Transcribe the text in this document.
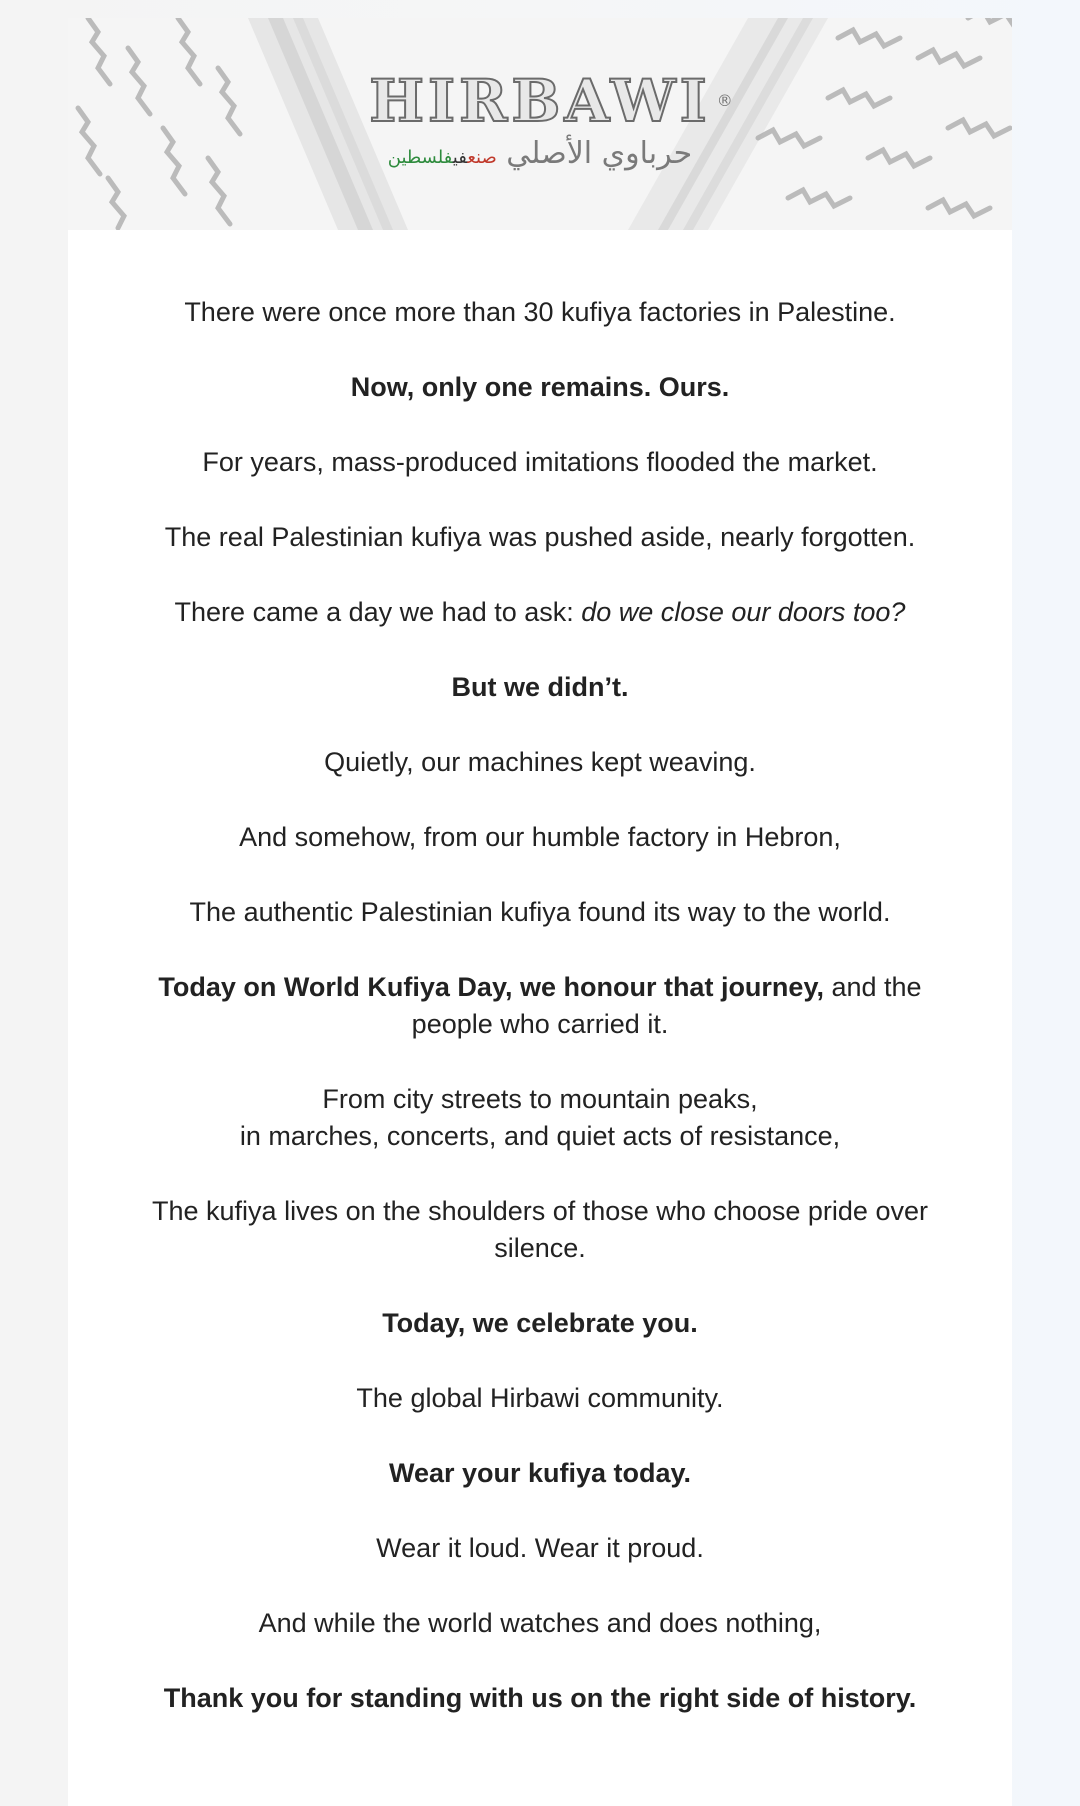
HIRBAWI ®
حرباوي الأصلي صنعفيفلسطين

There were once more than 30 kufiya factories in Palestine.

Now, only one remains. Ours.

For years, mass-produced imitations flooded the market.

The real Palestinian kufiya was pushed aside, nearly forgotten.

There came a day we had to ask: do we close our doors too?

But we didn’t.

Quietly, our machines kept weaving.

And somehow, from our humble factory in Hebron,

The authentic Palestinian kufiya found its way to the world.

Today on World Kufiya Day, we honour that journey, and the people who carried it.

From city streets to mountain peaks,
in marches, concerts, and quiet acts of resistance,

The kufiya lives on the shoulders of those who choose pride over silence.

Today, we celebrate you.

The global Hirbawi community.

Wear your kufiya today.

Wear it loud. Wear it proud.

And while the world watches and does nothing,

Thank you for standing with us on the right side of history.
